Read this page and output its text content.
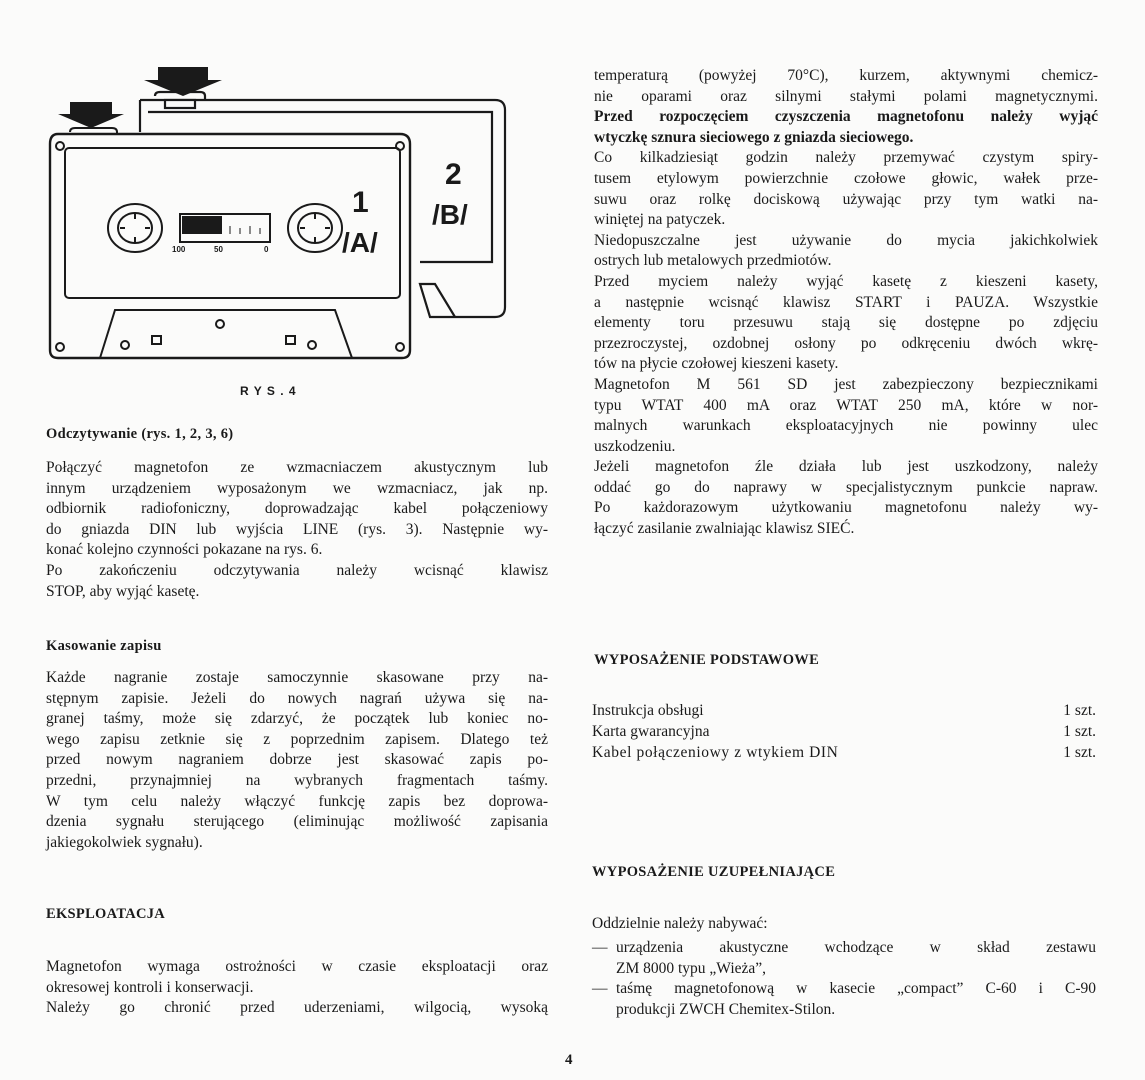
2
/B/
100	50	0
1
/A/
R Y S . 4
Odczytywanie (rys. 1, 2, 3, 6)
Połączyć magnetofon ze wzmacniaczem akustycznym lub
innym urządzeniem wyposażonym we wzmacniacz, jak np.
odbiornik radiofoniczny, doprowadzając kabel połączeniowy
do gniazda DIN lub wyjścia LINE (rys. 3). Następnie wy-
konać kolejno czynności pokazane na rys. 6.
Po zakończeniu odczytywania należy wcisnąć klawisz
STOP, aby wyjąć kasetę.
Kasowanie zapisu
Każde nagranie zostaje samoczynnie skasowane przy na-
stępnym zapisie. Jeżeli do nowych nagrań używa się na-
granej taśmy, może się zdarzyć, że początek lub koniec no-
wego zapisu zetknie się z poprzednim zapisem. Dlatego też
przed nowym nagraniem dobrze jest skasować zapis po-
przedni, przynajmniej na wybranych fragmentach taśmy.
W tym celu należy włączyć funkcję zapis bez doprowa-
dzenia sygnału sterującego (eliminując możliwość zapisania
jakiegokolwiek sygnału).
EKSPLOATACJA
Magnetofon wymaga ostrożności w czasie eksploatacji oraz
okresowej kontroli i konserwacji.
Należy go chronić przed uderzeniami, wilgocią, wysoką
temperaturą (powyżej 70°C), kurzem, aktywnymi chemicz-
nie oparami oraz silnymi stałymi polami magnetycznymi.
Przed rozpoczęciem czyszczenia magnetofonu należy wyjąć
wtyczkę sznura sieciowego z gniazda sieciowego.
Co kilkadziesiąt godzin należy przemywać czystym spiry-
tusem etylowym powierzchnie czołowe głowic, wałek prze-
suwu oraz rolkę dociskową używając przy tym watki na-
winiętej na patyczek.
Niedopuszczalne jest używanie do mycia jakichkolwiek
ostrych lub metalowych przedmiotów.
Przed myciem należy wyjąć kasetę z kieszeni kasety,
a następnie wcisnąć klawisz START i PAUZA. Wszystkie
elementy toru przesuwu stają się dostępne po zdjęciu
przezroczystej, ozdobnej osłony po odkręceniu dwóch wkrę-
tów na płycie czołowej kieszeni kasety.
Magnetofon M 561 SD jest zabezpieczony bezpiecznikami
typu WTAT 400 mA oraz WTAT 250 mA, które w nor-
malnych warunkach eksploatacyjnych nie powinny ulec
uszkodzeniu.
Jeżeli magnetofon źle działa lub jest uszkodzony, należy
oddać go do naprawy w specjalistycznym punkcie napraw.
Po każdorazowym użytkowaniu magnetofonu należy wy-
łączyć zasilanie zwalniając klawisz SIEĆ.
WYPOSAŻENIE PODSTAWOWE
Instrukcja obsługi	1 szt.
Karta gwarancyjna	1 szt.
Kabel połączeniowy z wtykiem DIN	1 szt.
WYPOSAŻENIE UZUPEŁNIAJĄCE
Oddzielnie należy nabywać:
— urządzenia akustyczne wchodzące w skład zestawu
ZM 8000 typu „Wieża”,
— taśmę magnetofonową w kasecie „compact” C-60 i C-90
produkcji ZWCH Chemitex-Stilon.
4
